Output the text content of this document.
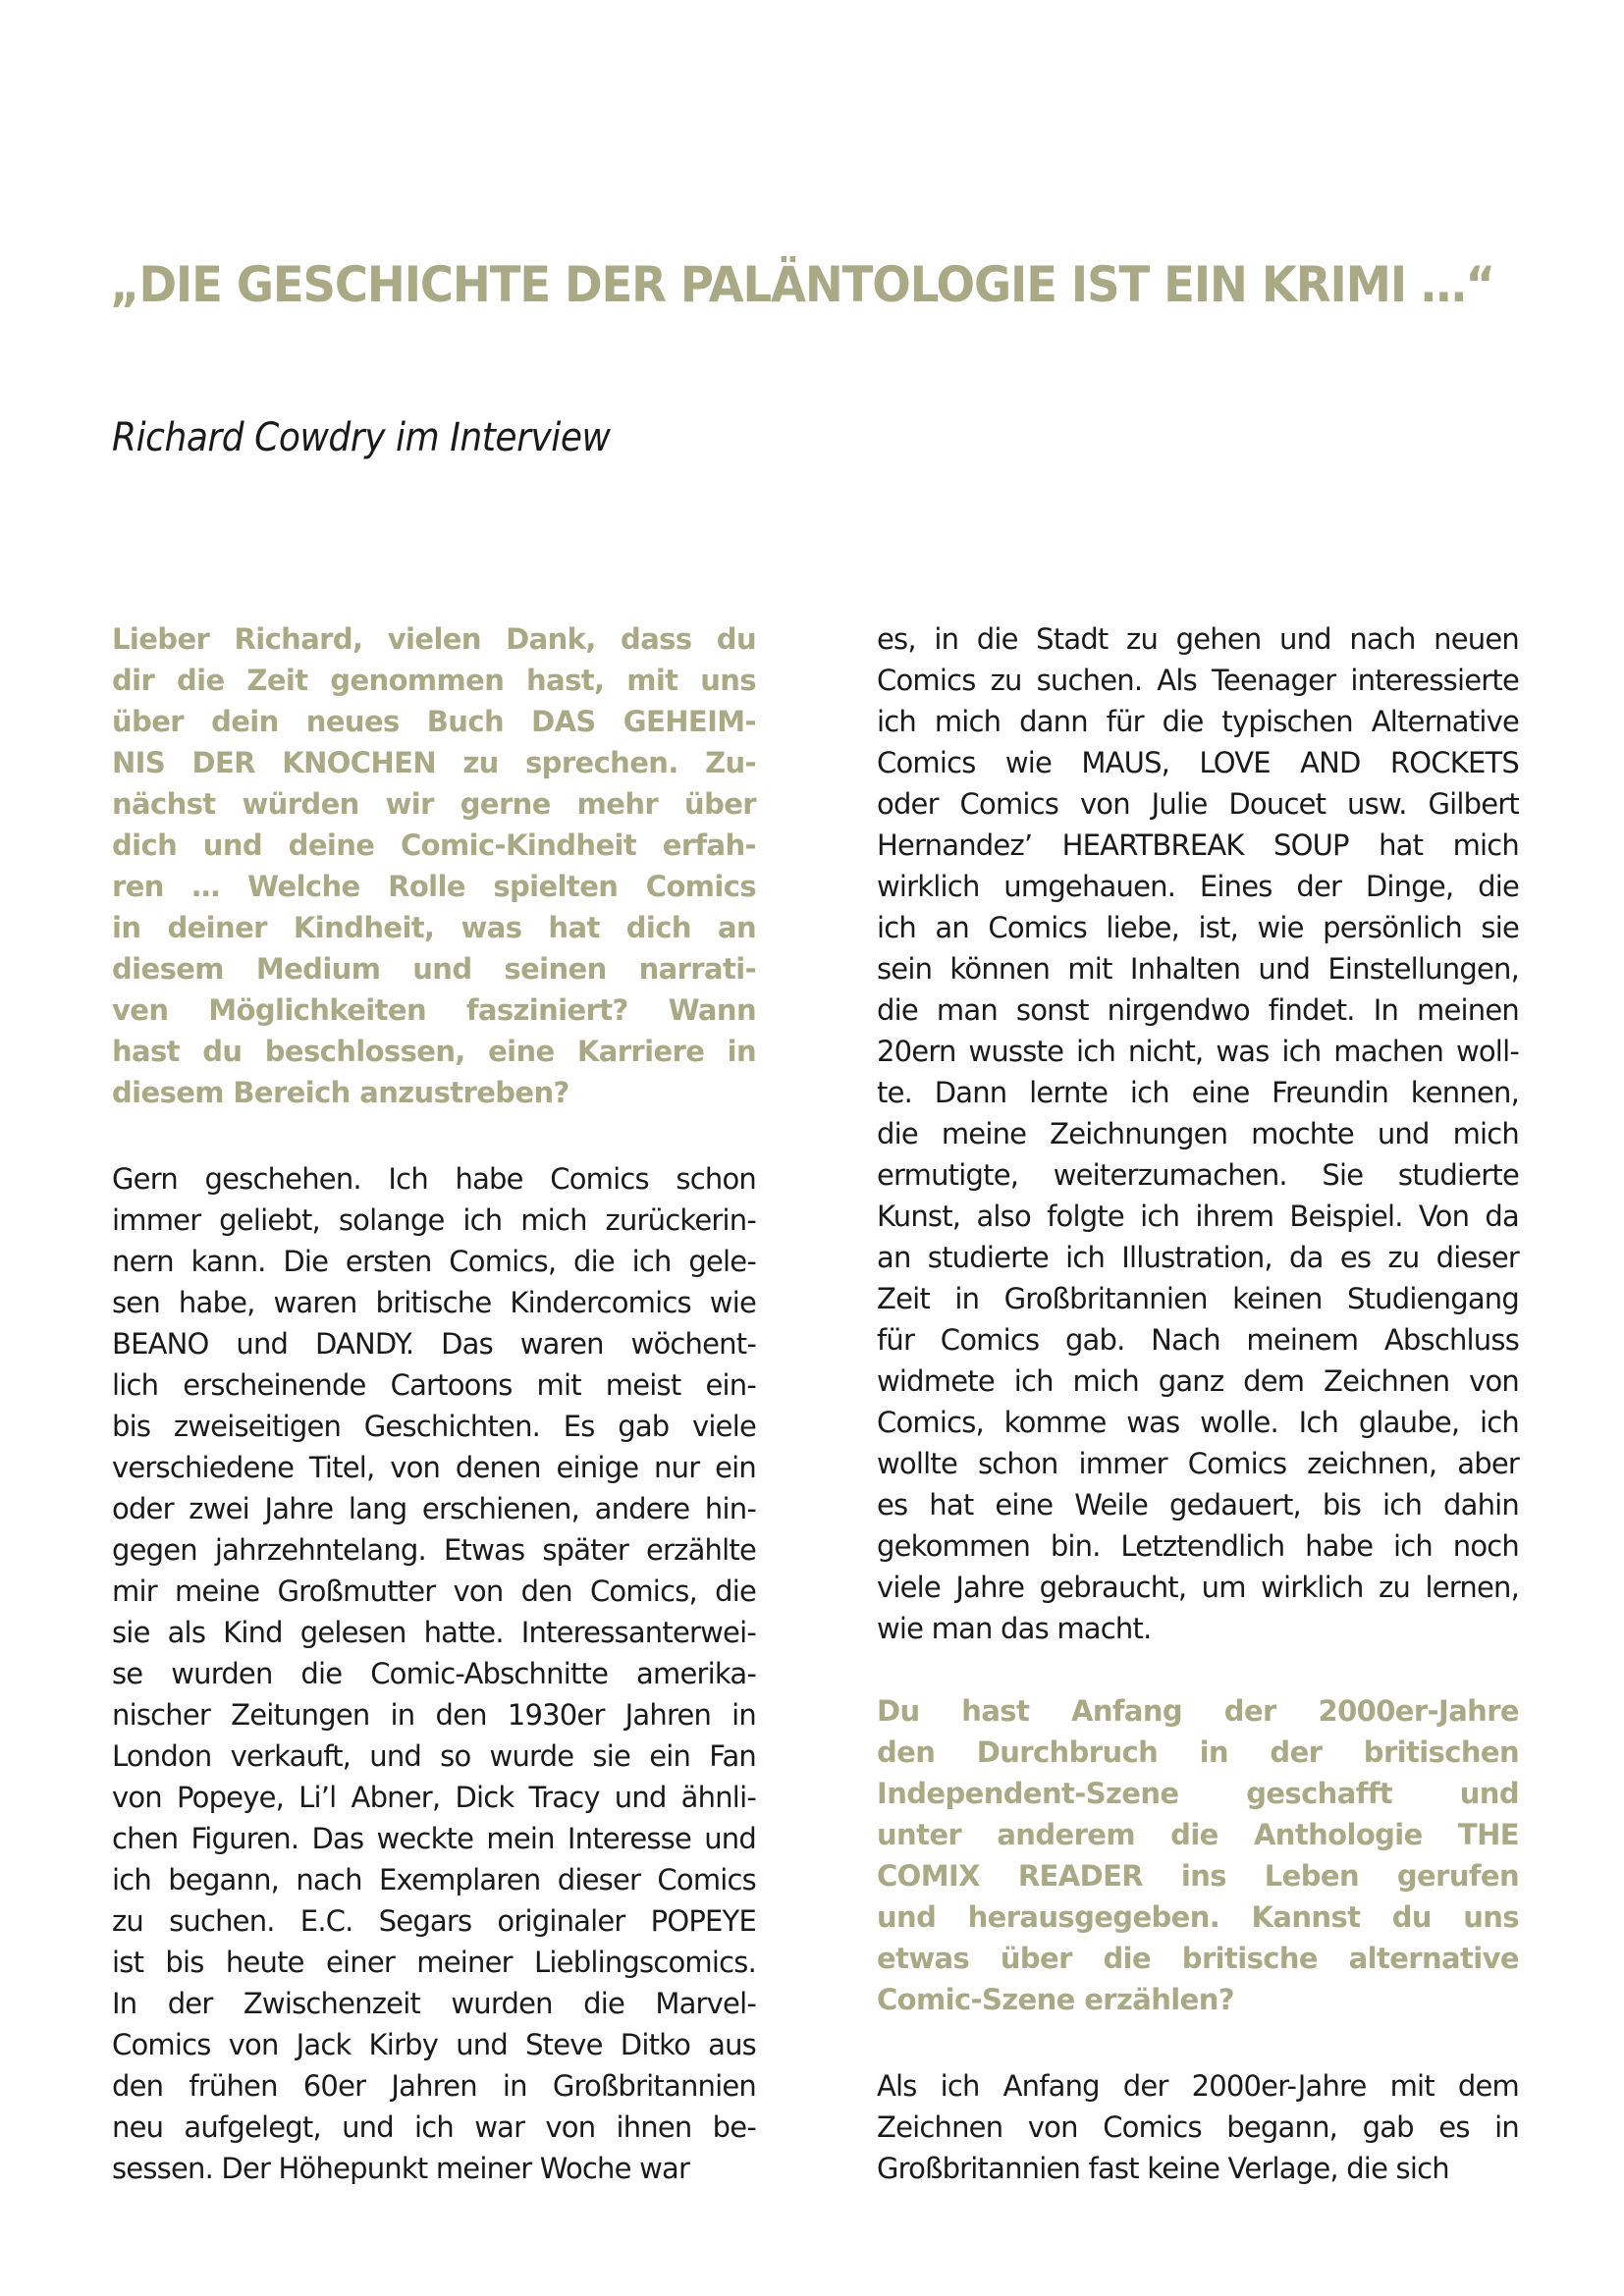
„DIE GESCHICHTE DER PALÄNTOLOGIE IST EIN KRIMI …“
Richard Cowdry im Interview
Lieber Richard, vielen Dank, dass du
dir die Zeit genommen hast, mit uns
über dein neues Buch DAS GEHEIM-
NIS DER KNOCHEN zu sprechen. Zu-
nächst würden wir gerne mehr über
dich und deine Comic-Kindheit erfah-
ren … Welche Rolle spielten Comics
in deiner Kindheit, was hat dich an
diesem Medium und seinen narrati-
ven Möglichkeiten fasziniert? Wann
hast du beschlossen, eine Karriere in
diesem Bereich anzustreben?
Gern geschehen. Ich habe Comics schon
immer geliebt, solange ich mich zurückerin-
nern kann. Die ersten Comics, die ich gele-
sen habe, waren britische Kindercomics wie
BEANO und DANDY. Das waren wöchent-
lich erscheinende Cartoons mit meist ein-
bis zweiseitigen Geschichten. Es gab viele
verschiedene Titel, von denen einige nur ein
oder zwei Jahre lang erschienen, andere hin-
gegen jahrzehntelang. Etwas später erzählte
mir meine Großmutter von den Comics, die
sie als Kind gelesen hatte. Interessanterwei-
se wurden die Comic-Abschnitte amerika-
nischer Zeitungen in den 1930er Jahren in
London verkauft, und so wurde sie ein Fan
von Popeye, Li’l Abner, Dick Tracy und ähnli-
chen Figuren. Das weckte mein Interesse und
ich begann, nach Exemplaren dieser Comics
zu suchen. E.C. Segars originaler POPEYE
ist bis heute einer meiner Lieblingscomics.
In der Zwischenzeit wurden die Marvel-
Comics von Jack Kirby und Steve Ditko aus
den frühen 60er Jahren in Großbritannien
neu aufgelegt, und ich war von ihnen be-
sessen. Der Höhepunkt meiner Woche war
es, in die Stadt zu gehen und nach neuen
Comics zu suchen. Als Teenager interessierte
ich mich dann für die typischen Alternative
Comics wie MAUS, LOVE AND ROCKETS
oder Comics von Julie Doucet usw. Gilbert
Hernandez’ HEARTBREAK SOUP hat mich
wirklich umgehauen. Eines der Dinge, die
ich an Comics liebe, ist, wie persönlich sie
sein können mit Inhalten und Einstellungen,
die man sonst nirgendwo findet. In meinen
20ern wusste ich nicht, was ich machen woll-
te. Dann lernte ich eine Freundin kennen,
die meine Zeichnungen mochte und mich
ermutigte, weiterzumachen. Sie studierte
Kunst, also folgte ich ihrem Beispiel. Von da
an studierte ich Illustration, da es zu dieser
Zeit in Großbritannien keinen Studiengang
für Comics gab. Nach meinem Abschluss
widmete ich mich ganz dem Zeichnen von
Comics, komme was wolle. Ich glaube, ich
wollte schon immer Comics zeichnen, aber
es hat eine Weile gedauert, bis ich dahin
gekommen bin. Letztendlich habe ich noch
viele Jahre gebraucht, um wirklich zu lernen,
wie man das macht.
Du hast Anfang der 2000er-Jahre
den Durchbruch in der britischen
Independent-Szene geschafft und
unter anderem die Anthologie THE
COMIX READER ins Leben gerufen
und herausgegeben. Kannst du uns
etwas über die britische alternative
Comic-Szene erzählen?
Als ich Anfang der 2000er-Jahre mit dem
Zeichnen von Comics begann, gab es in
Großbritannien fast keine Verlage, die sich
